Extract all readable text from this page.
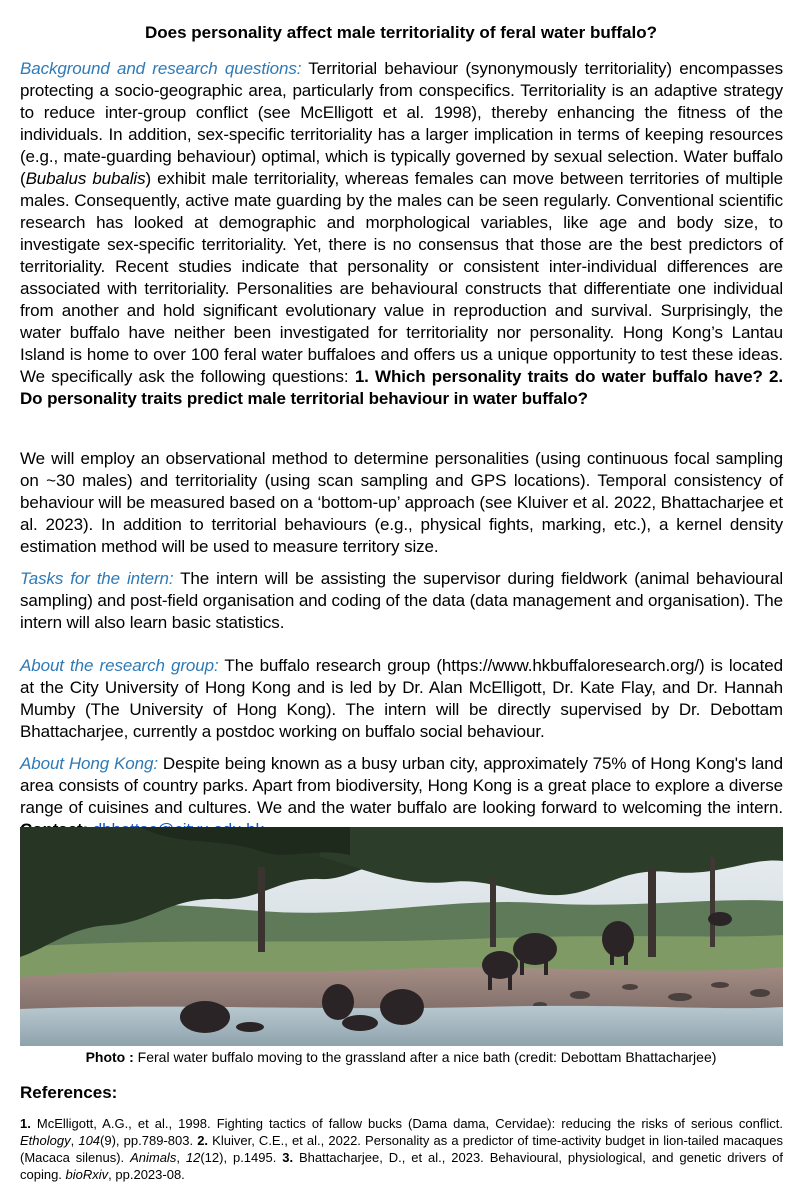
Does personality affect male territoriality of feral water buffalo?
Background and research questions: Territorial behaviour (synonymously territoriality) encompasses protecting a socio-geographic area, particularly from conspecifics. Territoriality is an adaptive strategy to reduce inter-group conflict (see McElligott et al. 1998), thereby enhancing the fitness of the individuals. In addition, sex-specific territoriality has a larger implication in terms of keeping resources (e.g., mate-guarding behaviour) optimal, which is typically governed by sexual selection. Water buffalo (Bubalus bubalis) exhibit male territoriality, whereas females can move between territories of multiple males. Consequently, active mate guarding by the males can be seen regularly. Conventional scientific research has looked at demographic and morphological variables, like age and body size, to investigate sex-specific territoriality. Yet, there is no consensus that those are the best predictors of territoriality. Recent studies indicate that personality or consistent inter-individual differences are associated with territoriality. Personalities are behavioural constructs that differentiate one individual from another and hold significant evolutionary value in reproduction and survival. Surprisingly, the water buffalo have neither been investigated for territoriality nor personality. Hong Kong’s Lantau Island is home to over 100 feral water buffaloes and offers us a unique opportunity to test these ideas. We specifically ask the following questions: 1. Which personality traits do water buffalo have? 2. Do personality traits predict male territorial behaviour in water buffalo?
We will employ an observational method to determine personalities (using continuous focal sampling on ~30 males) and territoriality (using scan sampling and GPS locations). Temporal consistency of behaviour will be measured based on a ‘bottom-up’ approach (see Kluiver et al. 2022, Bhattacharjee et al. 2023). In addition to territorial behaviours (e.g., physical fights, marking, etc.), a kernel density estimation method will be used to measure territory size.
Tasks for the intern: The intern will be assisting the supervisor during fieldwork (animal behavioural sampling) and post-field organisation and coding of the data (data management and organisation). The intern will also learn basic statistics.
About the research group: The buffalo research group (https://www.hkbuffaloresearch.org/) is located at the City University of Hong Kong and is led by Dr. Alan McElligott, Dr. Kate Flay, and Dr. Hannah Mumby (The University of Hong Kong). The intern will be directly supervised by Dr. Debottam Bhattacharjee, currently a postdoc working on buffalo social behaviour.
About Hong Kong: Despite being known as a busy urban city, approximately 75% of Hong Kong's land area consists of country parks. Apart from biodiversity, Hong Kong is a great place to explore a diverse range of cuisines and cultures. We and the water buffalo are looking forward to welcoming the intern.
Photo : Feral water buffalo moving to the grassland after a nice bath (credit: Debottam Bhattacharjee)
References:
1. McElligott, A.G., et al., 1998. Fighting tactics of fallow bucks (Dama dama, Cervidae): reducing the risks of serious conflict. Ethology, 104(9), pp.789-803. 2. Kluiver, C.E., et al., 2022. Personality as a predictor of time-activity budget in lion-tailed macaques (Macaca silenus). Animals, 12(12), p.1495. 3. Bhattacharjee, D., et al., 2023. Behavioural, physiological, and genetic drivers of coping. bioRxiv, pp.2023-08.
